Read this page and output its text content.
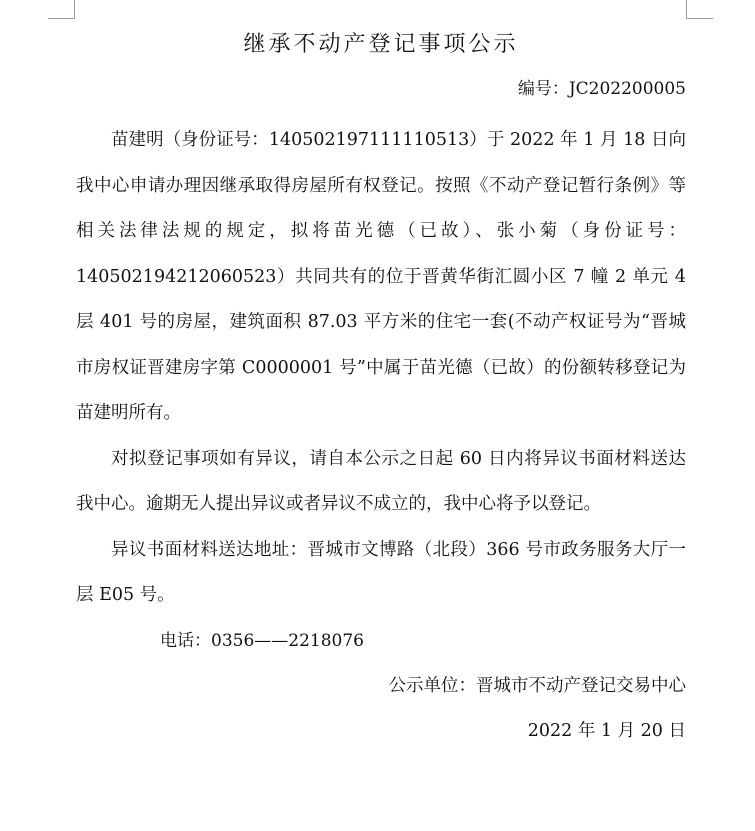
继承不动产登记事项公示

编号：JC202200005

苗建明（身份证号：140502197111110513）于 2022 年 1 月 18 日向我中心申请办理因继承取得房屋所有权登记。按照《不动产登记暂行条例》等相关法律法规的规定，拟将苗光德（已故）、张小菊（身份证号：140502194212060523）共同共有的位于晋黄华街汇圆小区 7 幢 2 单元 4 层 401 号的房屋，建筑面积 87.03 平方米的住宅一套(不动产权证号为“晋城市房权证晋建房字第 C0000001 号”中属于苗光德（已故）的份额转移登记为苗建明所有。

对拟登记事项如有异议，请自本公示之日起 60 日内将异议书面材料送达我中心。逾期无人提出异议或者异议不成立的，我中心将予以登记。

异议书面材料送达地址：晋城市文博路（北段）366 号市政务服务大厅一层 E05 号。

电话：0356——2218076

公示单位：晋城市不动产登记交易中心

2022 年 1 月 20 日
